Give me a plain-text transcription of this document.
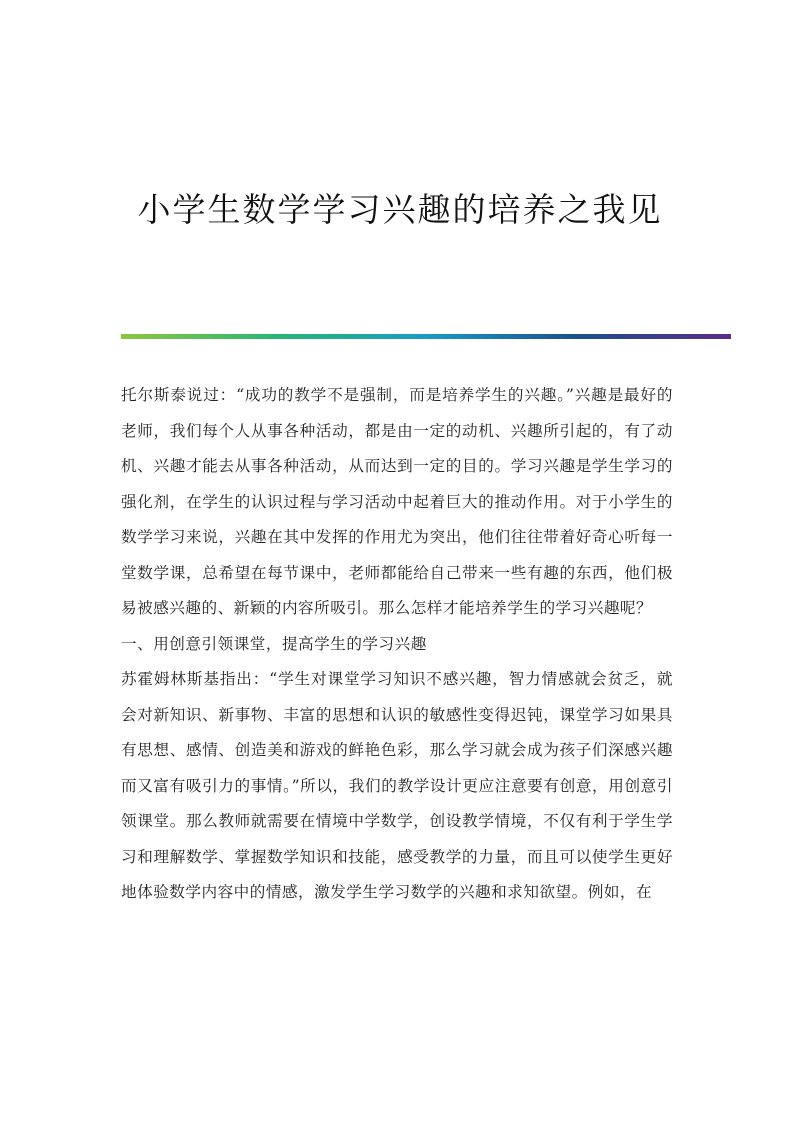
小学生数学学习兴趣的培养之我见

托尔斯泰说过：“成功的教学不是强制，而是培养学生的兴趣。”兴趣是最好的老师，我们每个人从事各种活动，都是由一定的动机、兴趣所引起的，有了动机、兴趣才能去从事各种活动，从而达到一定的目的。学习兴趣是学生学习的强化剂，在学生的认识过程与学习活动中起着巨大的推动作用。对于小学生的数学学习来说，兴趣在其中发挥的作用尤为突出，他们往往带着好奇心听每一堂数学课，总希望在每节课中，老师都能给自己带来一些有趣的东西，他们极易被感兴趣的、新颖的内容所吸引。那么怎样才能培养学生的学习兴趣呢？

一、用创意引领课堂，提高学生的学习兴趣

苏霍姆林斯基指出：“学生对课堂学习知识不感兴趣，智力情感就会贫乏，就会对新知识、新事物、丰富的思想和认识的敏感性变得迟钝，课堂学习如果具有思想、感情、创造美和游戏的鲜艳色彩，那么学习就会成为孩子们深感兴趣而又富有吸引力的事情。”所以，我们的教学设计更应注意要有创意，用创意引领课堂。那么教师就需要在情境中学数学，创设教学情境，不仅有利于学生学习和理解数学、掌握数学知识和技能，感受教学的力量，而且可以使学生更好地体验数学内容中的情感，激发学生学习数学的兴趣和求知欲望。例如，在
